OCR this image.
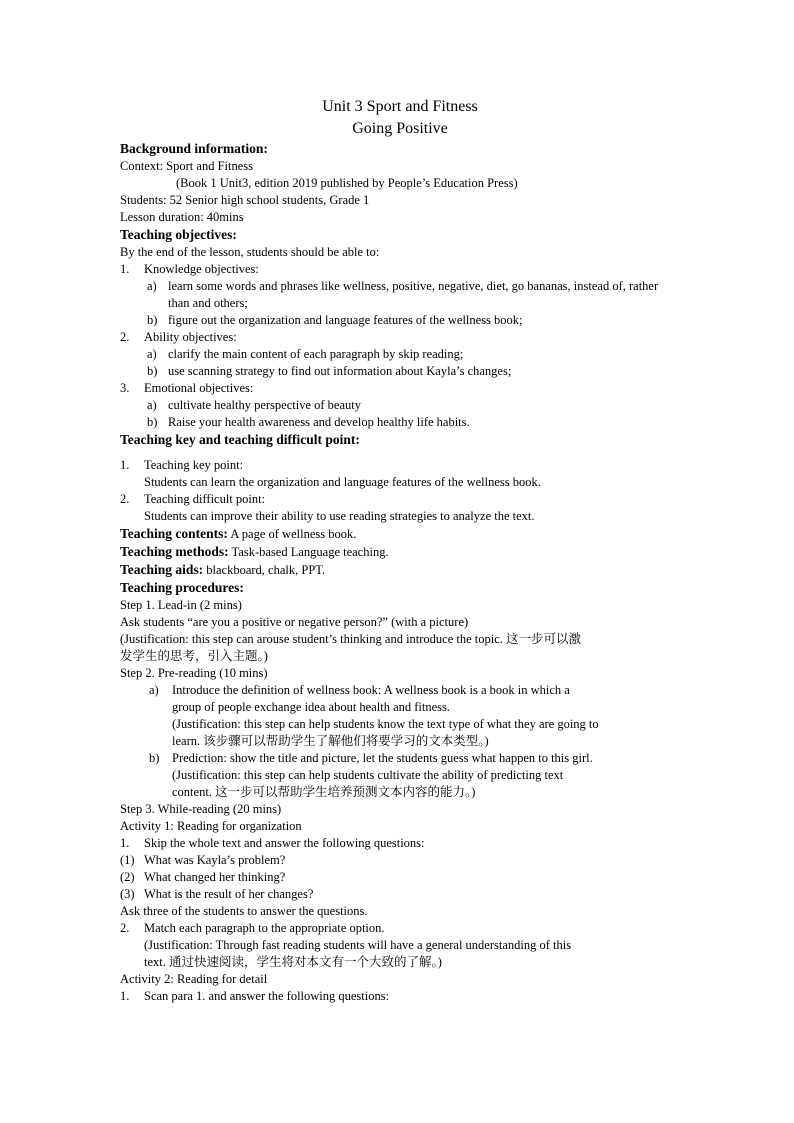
Unit 3 Sport and Fitness
Going Positive
Background information:
Context: Sport and Fitness
(Book 1 Unit3, edition 2019 published by People’s Education Press)
Students: 52 Senior high school students, Grade 1
Lesson duration: 40mins
Teaching objectives:
By the end of the lesson, students should be able to:
1. Knowledge objectives:
a) learn some words and phrases like wellness, positive, negative, diet, go bananas, instead of, rather than and others;
b) figure out the organization and language features of the wellness book;
2. Ability objectives:
a) clarify the main content of each paragraph by skip reading;
b) use scanning strategy to find out information about Kayla’s changes;
3. Emotional objectives:
a) cultivate healthy perspective of beauty
b) Raise your health awareness and develop healthy life habits.
Teaching key and teaching difficult point:
1. Teaching key point:
Students can learn the organization and language features of the wellness book.
2. Teaching difficult point:
Students can improve their ability to use reading strategies to analyze the text.
Teaching contents: A page of wellness book.
Teaching methods: Task-based Language teaching.
Teaching aids: blackboard, chalk, PPT.
Teaching procedures:
Step 1. Lead-in (2 mins)
Ask students “are you a positive or negative person?” (with a picture)
(Justification: this step can arouse student’s thinking and introduce the topic. 这一步可以激
发学生的思考，引入主题。)
Step 2. Pre-reading (10 mins)
a) Introduce the definition of wellness book: A wellness book is a book in which a
group of people exchange idea about health and fitness.
(Justification: this step can help students know the text type of what they are going to
learn. 该步骤可以帮助学生了解他们将要学习的文本类型。)
b) Prediction: show the title and picture, let the students guess what happen to this girl.
(Justification: this step can help students cultivate the ability of predicting text
content. 这一步可以帮助学生培养预测文本内容的能力。)
Step 3. While-reading (20 mins)
Activity 1: Reading for organization
1. Skip the whole text and answer the following questions:
(1) What was Kayla’s problem?
(2) What changed her thinking?
(3) What is the result of her changes?
Ask three of the students to answer the questions.
2. Match each paragraph to the appropriate option.
(Justification: Through fast reading students will have a general understanding of this
text. 通过快速阅读，学生将对本文有一个大致的了解。)
Activity 2: Reading for detail
1. Scan para 1. and answer the following questions:
